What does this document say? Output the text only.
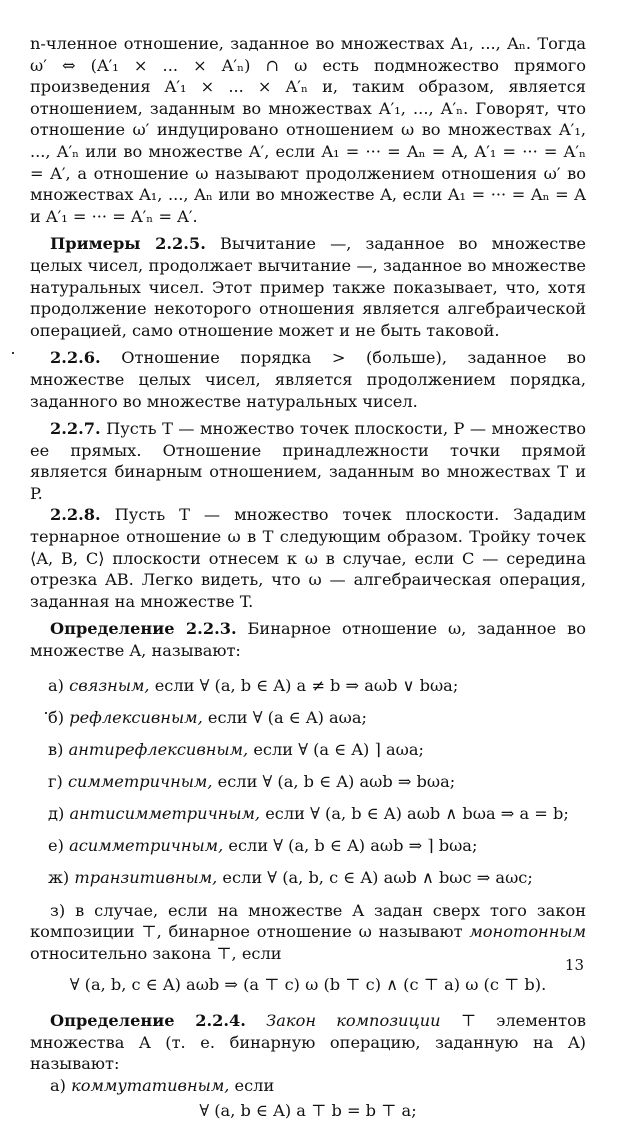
n-членное отношение, заданное во множествах A₁, ..., Aₙ. Тогда ω′ ⇔ (A′₁ × ... × A′ₙ) ∩ ω есть подмножество прямого произведения A′₁ × ... × A′ₙ и, таким образом, является отношением, заданным во множествах A′₁, ..., A′ₙ. Говорят, что отношение ω′ индуцировано отношением ω во множествах A′₁, ..., A′ₙ или во множестве A′, если A₁ = ··· = Aₙ = A, A′₁ = ··· = A′ₙ = A′, а отношение ω называют продолжением отношения ω′ во множествах A₁, ..., Aₙ или во множестве A, если A₁ = ··· = Aₙ = A и A′₁ = ··· = A′ₙ = A′.

Примеры 2.2.5. Вычитание —, заданное во множестве целых чисел, продолжает вычитание —, заданное во множестве натуральных чисел. Этот пример также показывает, что, хотя продолжение некоторого отношения является алгебраической операцией, само отношение может и не быть таковой.

2.2.6. Отношение порядка > (больше), заданное во множестве целых чисел, является продолжением порядка, заданного во множестве натуральных чисел.

2.2.7. Пусть T — множество точек плоскости, P — множество ее прямых. Отношение принадлежности точки прямой является бинарным отношением, заданным во множествах T и P.

2.2.8. Пусть T — множество точек плоскости. Зададим тернарное отношение ω в T следующим образом. Тройку точек ⟨A, B, C⟩ плоскости отнесем к ω в случае, если C — середина отрезка AB. Легко видеть, что ω — алгебраическая операция, заданная на множестве T.

Определение 2.2.3. Бинарное отношение ω, заданное во множестве A, называют:

а) связным, если ∀ (a, b ∈ A) a ≠ b ⇒ aωb ∨ bωa;
б) рефлексивным, если ∀ (a ∈ A) aωa;
в) антирефлексивным, если ∀ (a ∈ A) ⌉ aωa;
г) симметричным, если ∀ (a, b ∈ A) aωb ⇒ bωa;
д) антисимметричным, если ∀ (a, b ∈ A) aωb ∧ bωa ⇒ a = b;
е) асимметричным, если ∀ (a, b ∈ A) aωb ⇒ ⌉ bωa;
ж) транзитивным, если ∀ (a, b, c ∈ A) aωb ∧ bωc ⇒ aωc;

з) в случае, если на множестве A задан сверх того закон композиции ⊤, бинарное отношение ω называют монотонным относительно закона ⊤, если

∀ (a, b, c ∈ A) aωb ⇒ (a ⊤ c) ω (b ⊤ c) ∧ (c ⊤ a) ω (c ⊤ b).

Определение 2.2.4. Закон композиции ⊤ элементов множества A (т. е. бинарную операцию, заданную на A) называют:

а) коммутативным, если

∀ (a, b ∈ A) a ⊤ b = b ⊤ a;
13
